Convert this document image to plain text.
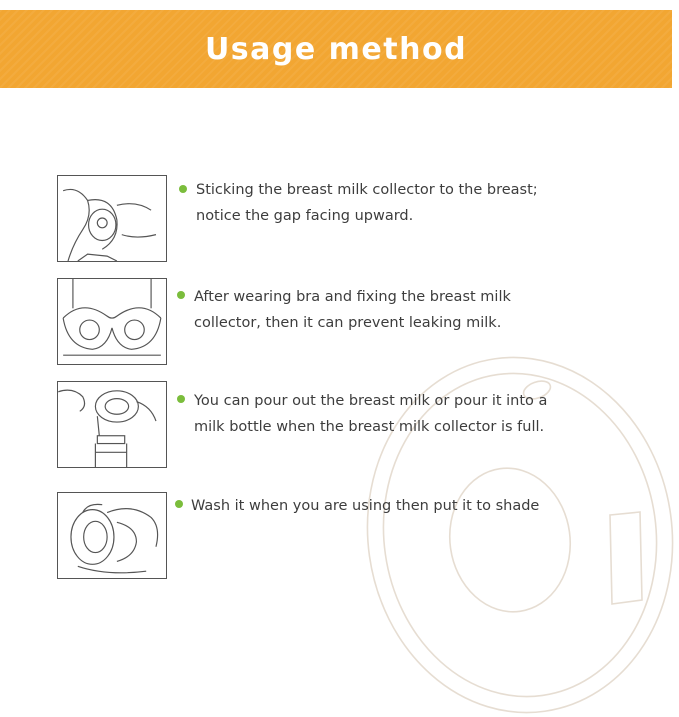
Usage method
Sticking the breast milk collector to the breast;
notice the gap facing upward.
After wearing bra and fixing the breast milk
collector, then it can prevent leaking milk.
You can pour out the breast milk or pour it into a
milk bottle when the breast milk collector is full.
Wash it when you are using then put it to shade
